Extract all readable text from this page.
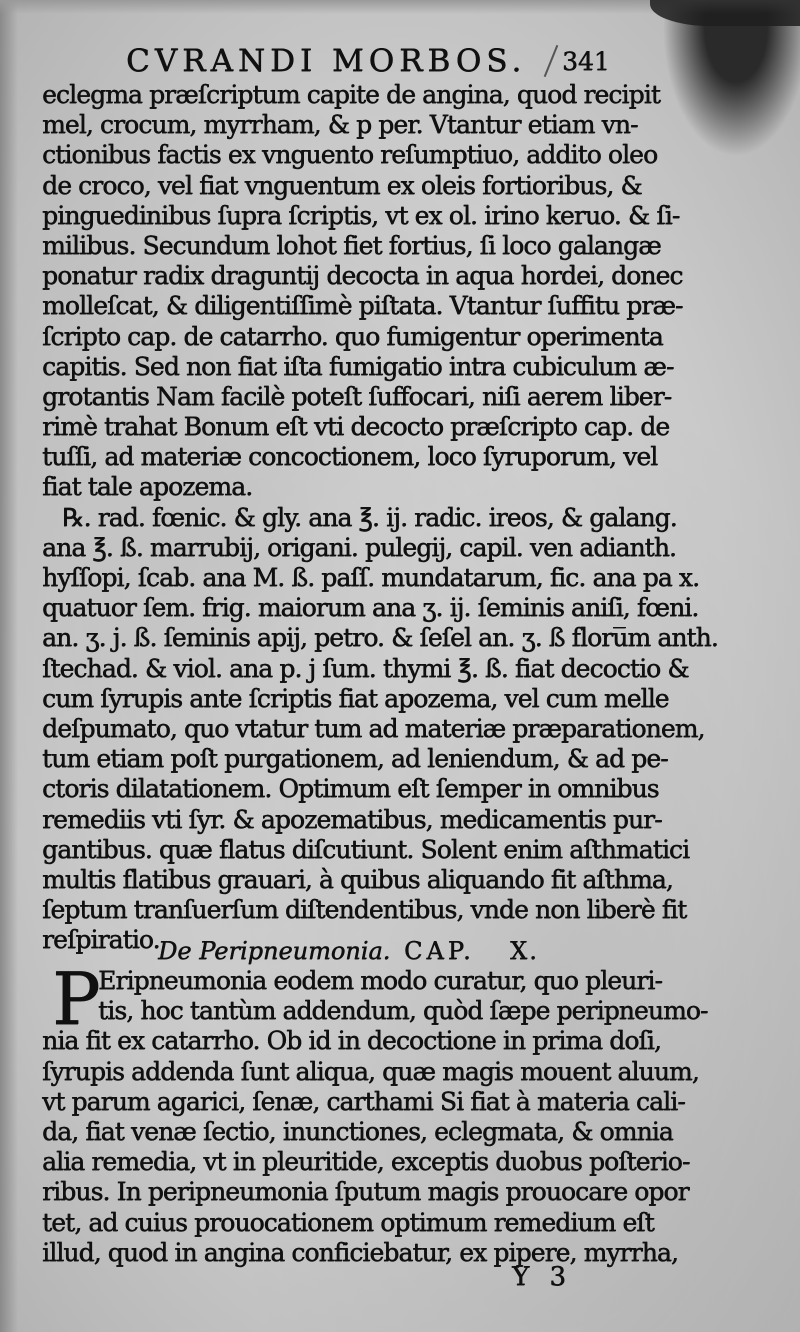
CVRANDI MORBOS. 341
eclegma præſcriptum capite de angina, quod recipit
mel, crocum, myrrham, & p per. Vtantur etiam vn-
ctionibus factis ex vnguento reſumptiuo, addito oleo
de croco, vel fiat vnguentum ex oleis fortioribus, &
pinguedinibus ſupra ſcriptis, vt ex ol. irino keruo. & ſi-
milibus. Secundum lohot fiet fortius, ſi loco galangæ
ponatur radix draguntij decocta in aqua hordei, donec
molleſcat, & diligentiſſimè piſtata. Vtantur ſuffitu præ-
ſcripto cap. de catarrho. quo fumigentur operimenta
capitis. Sed non fiat iſta fumigatio intra cubiculum æ-
grotantis Nam facilè poteſt ſuffocari, niſi aerem liber-
rimè trahat Bonum eſt vti decocto præſcripto cap. de
tuſſi, ad materiæ concoctionem, loco ſyruporum, vel
fiat tale apozema.
℞. rad. fœnic. & gly. ana ℥. ij. radic. ireos, & galang.
ana ℥. ß. marrubij, origani. pulegij, capil. ven adianth.
hyſſopi, ſcab. ana M. ß. paſſ. mundatarum, fic. ana pa x.
quatuor ſem. frig. maiorum ana ʒ. ij. ſeminis aniſi, fœni.
an. ʒ. j. ß. ſeminis apij, petro. & ſeſel an. ʒ. ß floru̅m anth.
ſtechad. & viol. ana p. j ſum. thymi ℥. ß. fiat decoctio &
cum ſyrupis ante ſcriptis fiat apozema, vel cum melle
deſpumato, quo vtatur tum ad materiæ præparationem,
tum etiam poſt purgationem, ad leniendum, & ad pe-
ctoris dilatationem. Optimum eſt ſemper in omnibus
remediis vti ſyr. & apozematibus, medicamentis pur-
gantibus. quæ flatus diſcutiunt. Solent enim aſthmatici
multis flatibus grauari, à quibus aliquando fit aſthma,
ſeptum tranſuerſum diſtendentibus, vnde non liberè fit
reſpiratio.
De Peripneumonia. CAP. X.
P
Eripneumonia eodem modo curatur, quo pleuri-
tis, hoc tantùm addendum, quòd ſæpe peripneumo-
nia fit ex catarrho. Ob id in decoctione in prima doſi,
ſyrupis addenda ſunt aliqua, quæ magis mouent aluum,
vt parum agarici, ſenæ, carthami Si fiat à materia cali-
da, fiat venæ ſectio, inunctiones, eclegmata, & omnia
alia remedia, vt in pleuritide, exceptis duobus poſterio-
ribus. In peripneumonia ſputum magis prouocare opor
tet, ad cuius prouocationem optimum remedium eſt
illud, quod in angina conficiebatur, ex pipere, myrrha,
Y 3
